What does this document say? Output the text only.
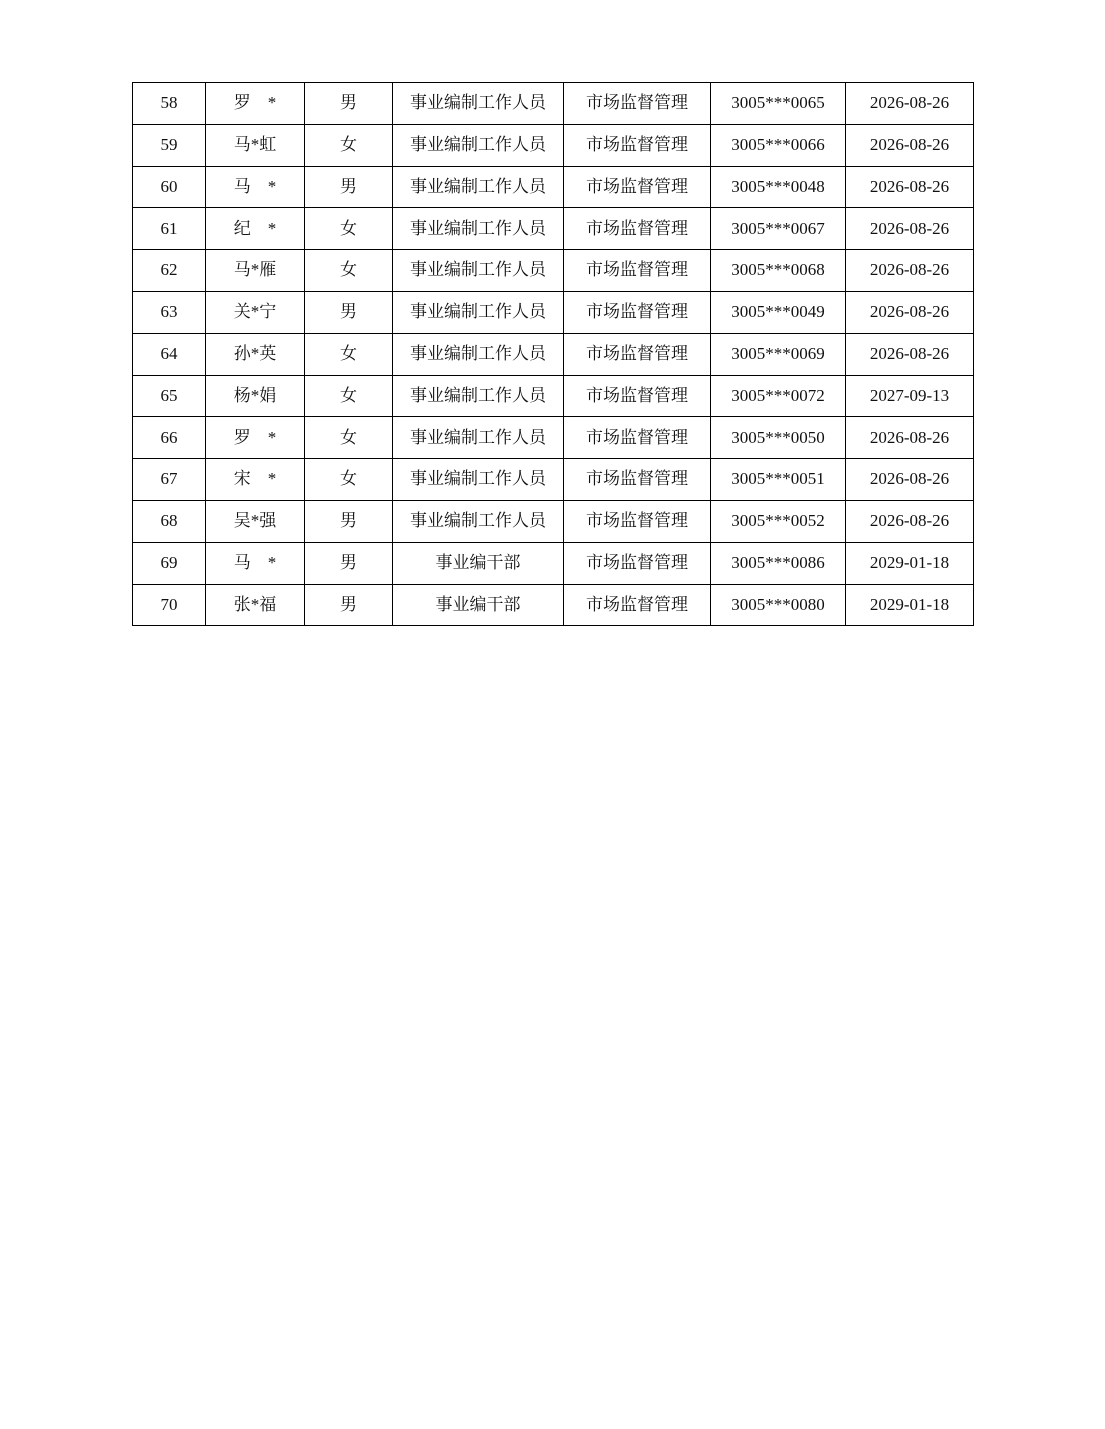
58	罗　*	男	事业编制工作人员	市场监督管理	3005***0065	2026-08-26
59	马*虹	女	事业编制工作人员	市场监督管理	3005***0066	2026-08-26
60	马　*	男	事业编制工作人员	市场监督管理	3005***0048	2026-08-26
61	纪　*	女	事业编制工作人员	市场监督管理	3005***0067	2026-08-26
62	马*雁	女	事业编制工作人员	市场监督管理	3005***0068	2026-08-26
63	关*宁	男	事业编制工作人员	市场监督管理	3005***0049	2026-08-26
64	孙*英	女	事业编制工作人员	市场监督管理	3005***0069	2026-08-26
65	杨*娟	女	事业编制工作人员	市场监督管理	3005***0072	2027-09-13
66	罗　*	女	事业编制工作人员	市场监督管理	3005***0050	2026-08-26
67	宋　*	女	事业编制工作人员	市场监督管理	3005***0051	2026-08-26
68	吴*强	男	事业编制工作人员	市场监督管理	3005***0052	2026-08-26
69	马　*	男	事业编干部	市场监督管理	3005***0086	2029-01-18
70	张*福	男	事业编干部	市场监督管理	3005***0080	2029-01-18
